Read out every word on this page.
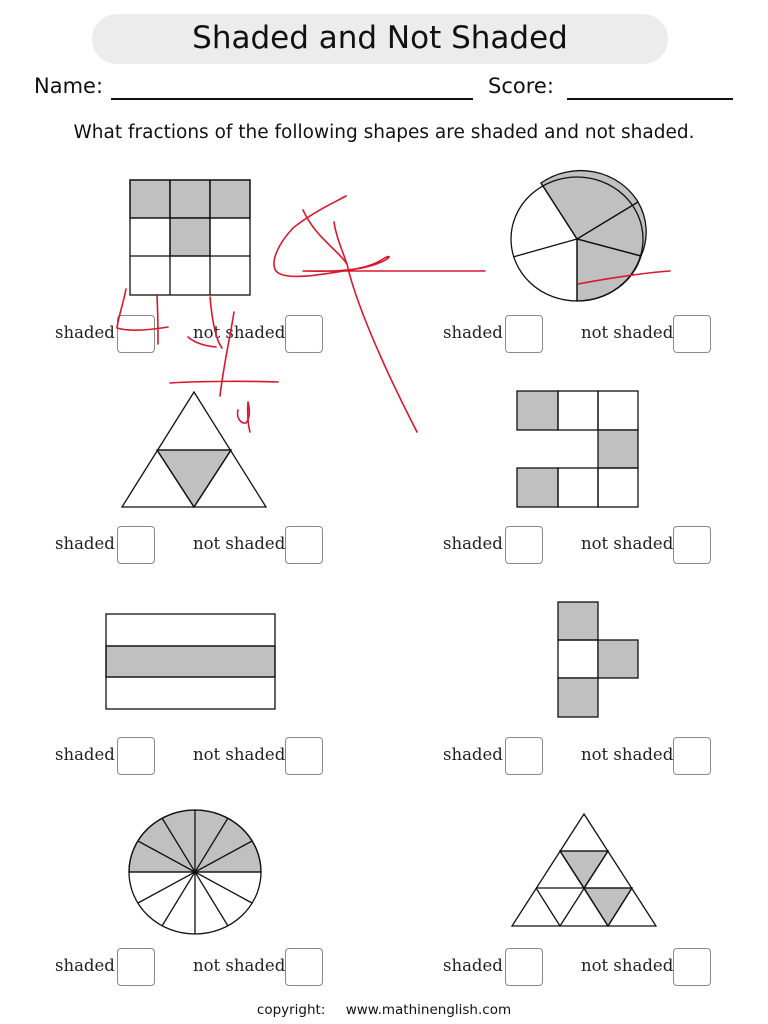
Shaded and Not Shaded
Name:	Score:
What fractions of the following shapes are shaded and not shaded.
shaded	not shaded	shaded	not shaded
shaded	not shaded	shaded	not shaded
shaded	not shaded	shaded	not shaded
shaded	not shaded	shaded	not shaded
copyright: www.mathinenglish.com
